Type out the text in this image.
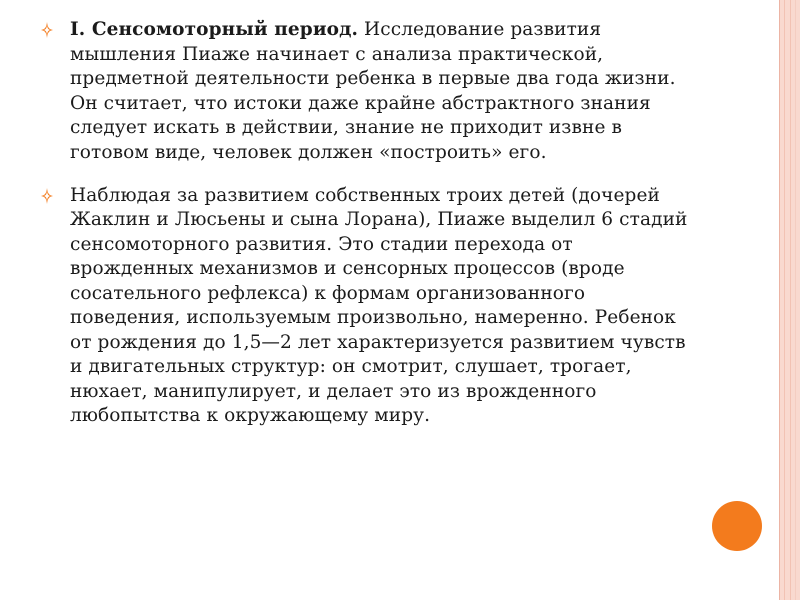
I. Сенсомоторный период. Исследование развития мышления Пиаже начинает с анализа практической, предметной деятельности ребенка в первые два года жизни. Он считает, что истоки даже крайне абстрактного знания следует искать в действии, знание не приходит извне в готовом виде, человек должен «построить» его.

Наблюдая за развитием собственных троих детей (дочерей Жаклин и Люсьены и сына Лорана), Пиаже выделил 6 стадий сенсомоторного развития. Это стадии перехода от врожденных механизмов и сенсорных процессов (вроде сосательного рефлекса) к формам организованного поведения, используемым произвольно, намеренно. Ребенок от рождения до 1,5—2 лет характеризуется развитием чувств и двигательных структур: он смотрит, слушает, трогает, нюхает, манипулирует, и делает это из врожденного любопытства к окружающему миру.
